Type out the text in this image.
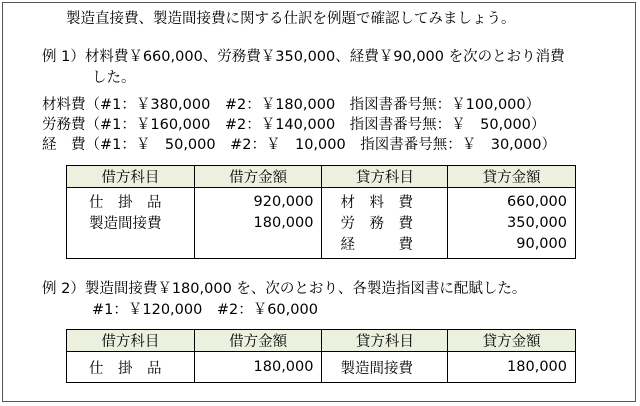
製造直接費、製造間接費に関する仕訳を例題で確認してみましょう。
例 1）材料費￥660,000、労務費￥350,000、経費￥90,000 を次のとおり消費
した。
材料費（#1：￥380,000　#2：￥180,000　指図書番号無：￥100,000）
労務費（#1：￥160,000　#2：￥140,000　指図書番号無：￥　50,000）
経　費（#1：￥　50,000　#2：￥　10,000　指図書番号無：￥　30,000）
借方科目	借方金額	貸方科目	貸方金額
仕　掛　品	920,000	材　料　費	660,000
製造間接費	180,000	労　務　費	350,000
		経　　　費	90,000
例 2）製造間接費￥180,000 を、次のとおり、各製造指図書に配賦した。
#1：￥120,000　#2：￥60,000
借方科目	借方金額	貸方科目	貸方金額
仕　掛　品	180,000	製造間接費	180,000
